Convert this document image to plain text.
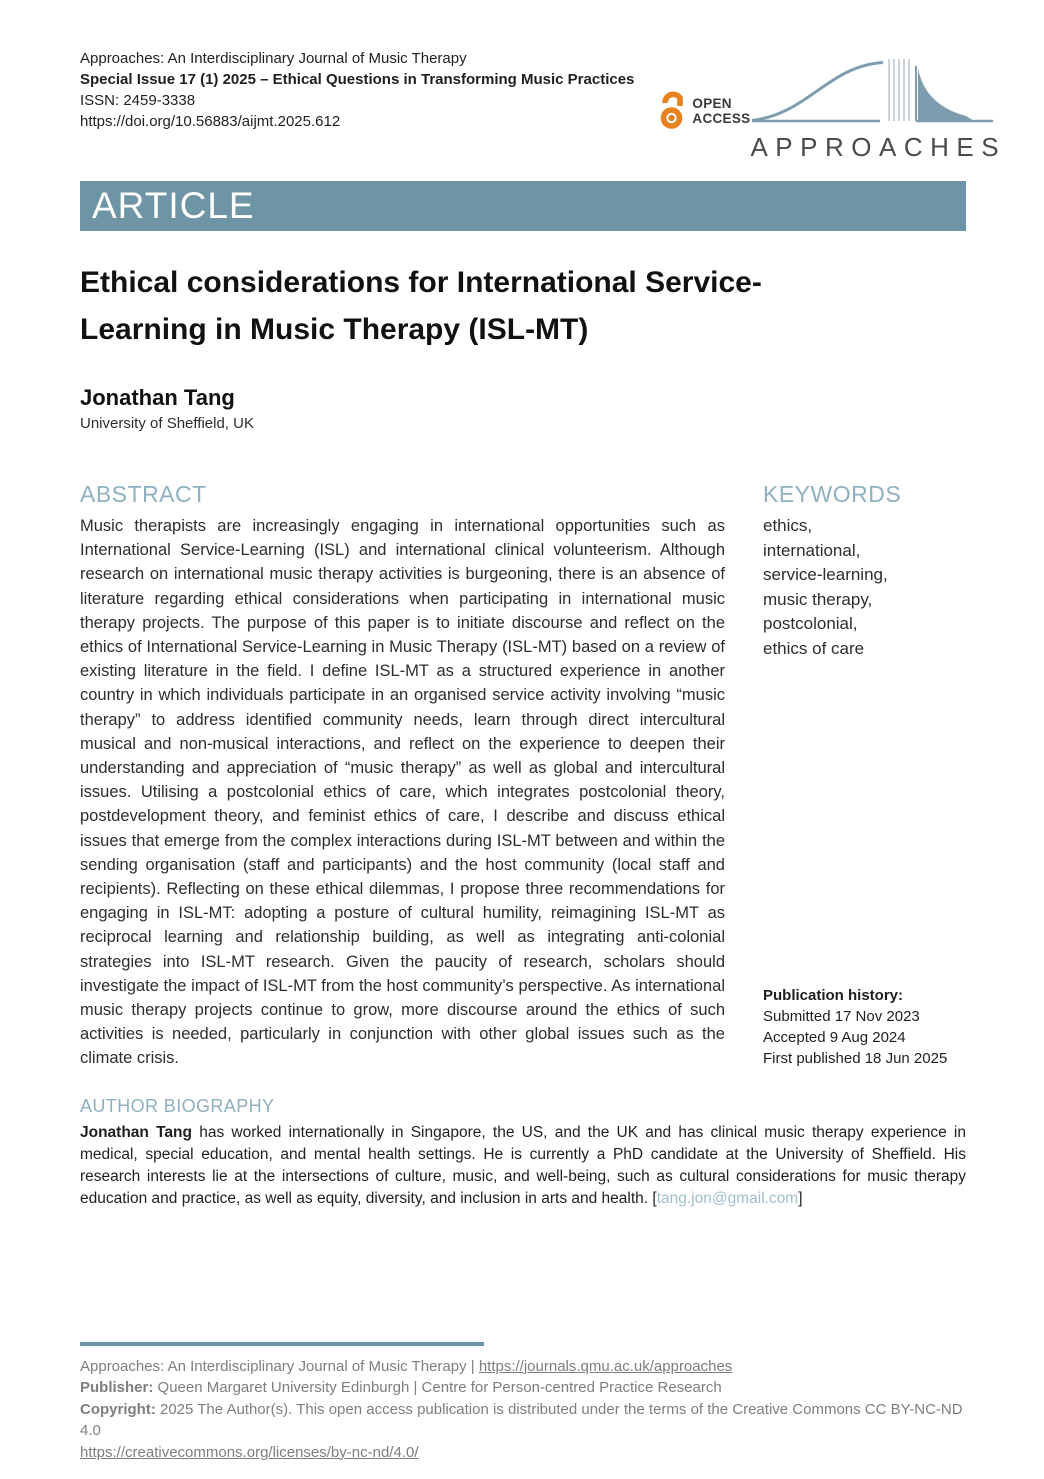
Approaches: An Interdisciplinary Journal of Music Therapy
Special Issue 17 (1) 2025 – Ethical Questions in Transforming Music Practices
ISSN: 2459-3338
https://doi.org/10.56883/aijmt.2025.612
OPEN
ACCESS
APPROACHES
ARTICLE
Ethical considerations for International Service-Learning in Music Therapy (ISL-MT)
Jonathan Tang
University of Sheffield, UK
ABSTRACT
Music therapists are increasingly engaging in international opportunities such as International Service-Learning (ISL) and international clinical volunteerism. Although research on international music therapy activities is burgeoning, there is an absence of literature regarding ethical considerations when participating in international music therapy projects. The purpose of this paper is to initiate discourse and reflect on the ethics of International Service-Learning in Music Therapy (ISL-MT) based on a review of existing literature in the field. I define ISL-MT as a structured experience in another country in which individuals participate in an organised service activity involving “music therapy” to address identified community needs, learn through direct intercultural musical and non-musical interactions, and reflect on the experience to deepen their understanding and appreciation of “music therapy” as well as global and intercultural issues. Utilising a postcolonial ethics of care, which integrates postcolonial theory, postdevelopment theory, and feminist ethics of care, I describe and discuss ethical issues that emerge from the complex interactions during ISL-MT between and within the sending organisation (staff and participants) and the host community (local staff and recipients). Reflecting on these ethical dilemmas, I propose three recommendations for engaging in ISL-MT: adopting a posture of cultural humility, reimagining ISL-MT as reciprocal learning and relationship building, as well as integrating anti-colonial strategies into ISL-MT research. Given the paucity of research, scholars should investigate the impact of ISL-MT from the host community’s perspective. As international music therapy projects continue to grow, more discourse around the ethics of such activities is needed, particularly in conjunction with other global issues such as the climate crisis.
KEYWORDS
ethics,
international,
service-learning,
music therapy,
postcolonial,
ethics of care
Publication history:
Submitted 17 Nov 2023
Accepted 9 Aug 2024
First published 18 Jun 2025
AUTHOR BIOGRAPHY

Jonathan Tang has worked internationally in Singapore, the US, and the UK and has clinical music therapy experience in medical, special education, and mental health settings. He is currently a PhD candidate at the University of Sheffield. His research interests lie at the intersections of culture, music, and well-being, such as cultural considerations for music therapy education and practice, as well as equity, diversity, and inclusion in arts and health. [tang.jon@gmail.com]

Approaches: An Interdisciplinary Journal of Music Therapy | https://journals.qmu.ac.uk/approaches
Publisher: Queen Margaret University Edinburgh | Centre for Person-centred Practice Research
Copyright: 2025 The Author(s). This open access publication is distributed under the terms of the Creative Commons CC BY-NC-ND 4.0
https://creativecommons.org/licenses/by-nc-nd/4.0/
